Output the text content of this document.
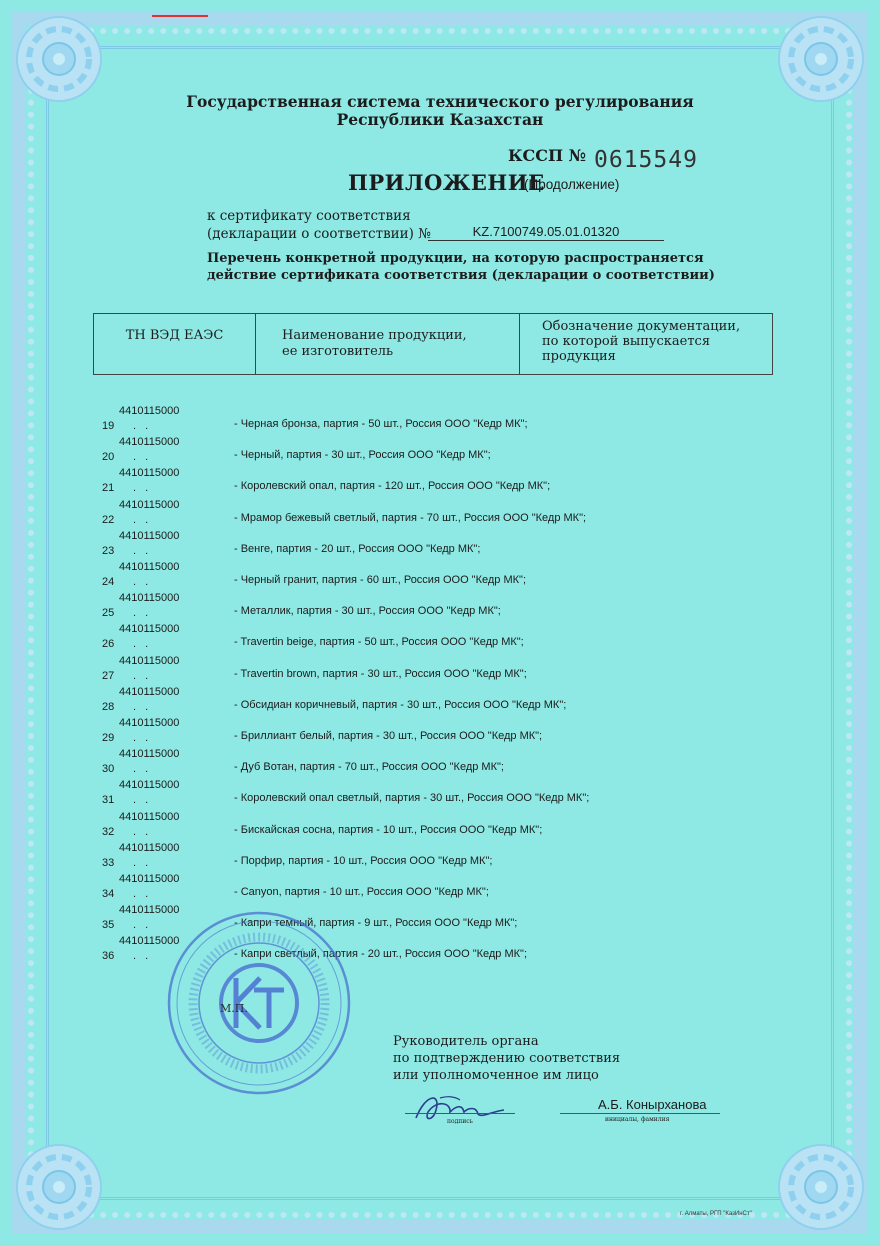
Государственная система технического регулирования
Республики Казахстан
КССП № 0615549
ПРИЛОЖЕНИЕ
(Продолжение)
к сертификату соответствия
(декларации о соответствии) №	KZ.7100749.05.01.01320
Перечень конкретной продукции, на которую распространяется
действие сертификата соответствия (декларации о соответствии)
ТН ВЭД ЕАЭС	Наименование продукции,
ее изготовитель
Обозначение документации,
по которой выпускается
продукция
4410115000
19 . .	- Черная бронза, партия - 50 шт., Россия ООО "Кедр МК";
4410115000
20 . .	- Черный, партия - 30 шт., Россия ООО "Кедр МК";
4410115000
21 . .	- Королевский опал, партия - 120 шт., Россия ООО "Кедр МК";
4410115000
22 . .	- Мрамор бежевый светлый, партия - 70 шт., Россия ООО "Кедр МК";
4410115000
23 . .	- Венге, партия - 20 шт., Россия ООО "Кедр МК";
4410115000
24 . .	- Черный гранит, партия - 60 шт., Россия ООО "Кедр МК";
4410115000
25 . .	- Металлик, партия - 30 шт., Россия ООО "Кедр МК";
4410115000
26 . .	- Travertin beige, партия - 50 шт., Россия ООО "Кедр МК";
4410115000
27 . .	- Travertin brown, партия - 30 шт., Россия ООО "Кедр МК";
4410115000
28 . .	- Обсидиан коричневый, партия - 30 шт., Россия ООО "Кедр МК";
4410115000
29 . .	- Бриллиант белый, партия - 30 шт., Россия ООО "Кедр МК";
4410115000
30 . .	- Дуб Вотан, партия - 70 шт., Россия ООО "Кедр МК";
4410115000
31 . .	- Королевский опал светлый, партия - 30 шт., Россия ООО "Кедр МК";
4410115000
32 . .	- Бискайская сосна, партия - 10 шт., Россия ООО "Кедр МК";
4410115000
33 . .	- Порфир, партия - 10 шт., Россия ООО "Кедр МК";
4410115000
34 . .	- Canyon, партия - 10 шт., Россия ООО "Кедр МК";
4410115000
35 . .	- Капри темный, партия - 9 шт., Россия ООО "Кедр МК";
4410115000
36 . .	- Капри светлый, партия - 20 шт., Россия ООО "Кедр МК";
М.П.
Руководитель органа
по подтверждению соответствия
или уполномоченное им лицо
А.Б. Конырханова
подпись	инициалы, фамилия
г. Алматы, РГП "КазИнСт"
